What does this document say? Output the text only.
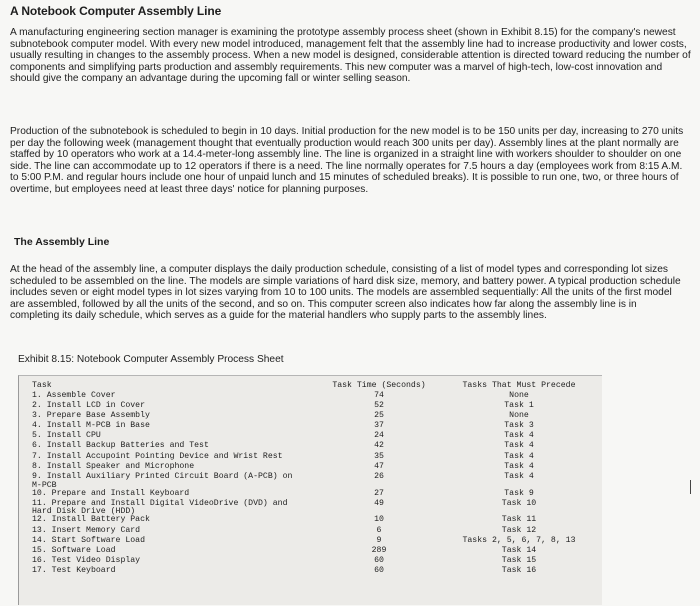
A Notebook Computer Assembly Line

A manufacturing engineering section manager is examining the prototype assembly process sheet (shown in Exhibit 8.15) for the company's newest subnotebook computer model. With every new model introduced, management felt that the assembly line had to increase productivity and lower costs, usually resulting in changes to the assembly process. When a new model is designed, considerable attention is directed toward reducing the number of components and simplifying parts production and assembly requirements. This new computer was a marvel of high-tech, low-cost innovation and should give the company an advantage during the upcoming fall or winter selling season.

Production of the subnotebook is scheduled to begin in 10 days. Initial production for the new model is to be 150 units per day, increasing to 270 units per day the following week (management thought that eventually production would reach 300 units per day). Assembly lines at the plant normally are staffed by 10 operators who work at a 14.4-meter-long assembly line. The line is organized in a straight line with workers shoulder to shoulder on one side. The line can accommodate up to 12 operators if there is a need. The line normally operates for 7.5 hours a day (employees work from 8:15 A.M. to 5:00 P.M. and regular hours include one hour of unpaid lunch and 15 minutes of scheduled breaks). It is possible to run one, two, or three hours of overtime, but employees need at least three days' notice for planning purposes.

The Assembly Line

At the head of the assembly line, a computer displays the daily production schedule, consisting of a list of model types and corresponding lot sizes scheduled to be assembled on the line. The models are simple variations of hard disk size, memory, and battery power. A typical production schedule includes seven or eight model types in lot sizes varying from 10 to 100 units. The models are assembled sequentially: All the units of the first model are assembled, followed by all the units of the second, and so on. This computer screen also indicates how far along the assembly line is in completing its daily schedule, which serves as a guide for the material handlers who supply parts to the assembly lines.

Exhibit 8.15: Notebook Computer Assembly Process Sheet
Task	Task Time (Seconds)	Tasks That Must Precede
1. Assemble Cover	74	None
2. Install LCD in Cover	52	Task 1
3. Prepare Base Assembly	25	None
4. Install M-PCB in Base	37	Task 3
5. Install CPU	24	Task 4
6. Install Backup Batteries and Test	42	Task 4
7. Install Accupoint Pointing Device and Wrist Rest	35	Task 4
8. Install Speaker and Microphone	47	Task 4
9. Install Auxiliary Printed Circuit Board (A-PCB) on M-PCB
26	Task 4
10. Prepare and Install Keyboard	27	Task 9
11. Prepare and Install Digital VideoDrive (DVD) and Hard Disk Drive (HDD)
49	Task 10
12. Install Battery Pack	10	Task 11
13. Insert Memory Card	6	Task 12
14. Start Software Load	9	Tasks 2, 5, 6, 7, 8, 13
15. Software Load	289	Task 14
16. Test Video Display	60	Task 15
17. Test Keyboard	60	Task 16
